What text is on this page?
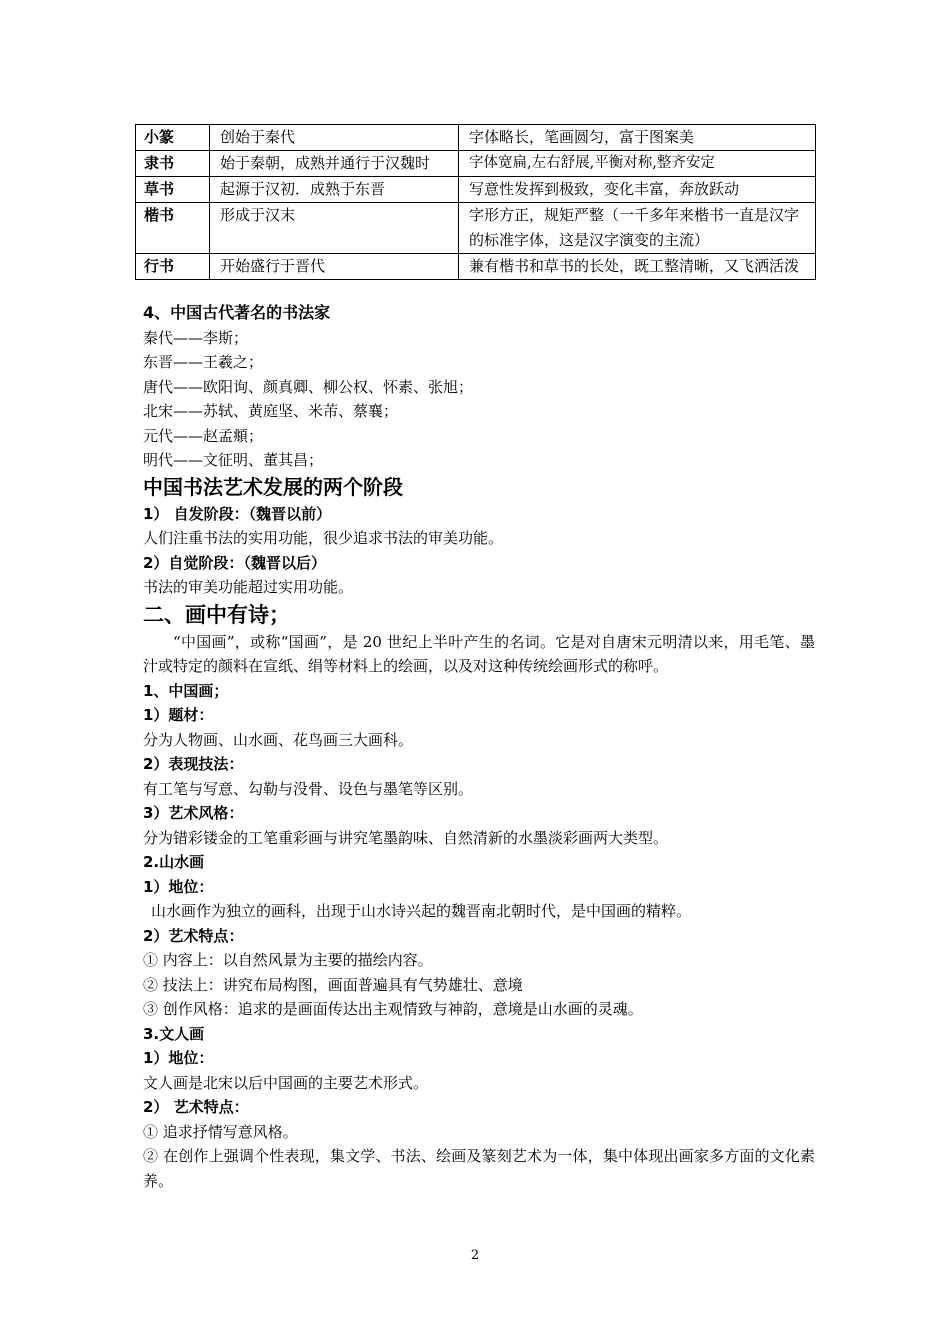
小篆	创始于秦代	字体略长，笔画圆匀，富于图案美
隶书	始于秦朝，成熟并通行于汉魏时	字体宽扁,左右舒展,平衡对称,整齐安定
草书	起源于汉初．成熟于东晋	写意性发挥到极致，变化丰富，奔放跃动
楷书	形成于汉末	字形方正，规矩严整（一千多年来楷书一直是汉字的标准字体，这是汉字演变的主流）
行书	开始盛行于晋代	兼有楷书和草书的长处，既工整清晰，又飞洒活泼
4、中国古代著名的书法家
秦代——李斯；
东晋——王羲之；
唐代——欧阳询、颜真卿、柳公权、怀素、张旭；
北宋——苏轼、黄庭坚、米芾、蔡襄；
元代——赵孟頫；
明代——文征明、董其昌；
中国书法艺术发展的两个阶段
1） 自发阶段：（魏晋以前）
人们注重书法的实用功能，很少追求书法的审美功能。
2）自觉阶段：（魏晋以后）
书法的审美功能超过实用功能。
二、画中有诗；
“中国画”，或称“国画”，是 20 世纪上半叶产生的名词。它是对自唐宋元明清以来，用毛笔、墨汁或特定的颜料在宣纸、绢等材料上的绘画，以及对这种传统绘画形式的称呼。
1、中国画；
1）题材：
分为人物画、山水画、花鸟画三大画科。
2）表现技法：
有工笔与写意、勾勒与没骨、设色与墨笔等区别。
3）艺术风格：
分为错彩镂金的工笔重彩画与讲究笔墨韵味、自然清新的水墨淡彩画两大类型。
2.山水画
1）地位：
山水画作为独立的画科，出现于山水诗兴起的魏晋南北朝时代，是中国画的精粹。
2）艺术特点：
① 内容上：以自然风景为主要的描绘内容。
② 技法上：讲究布局构图，画面普遍具有气势雄壮、意境
③ 创作风格：追求的是画面传达出主观情致与神韵，意境是山水画的灵魂。
3.文人画
1）地位：
文人画是北宋以后中国画的主要艺术形式。
2） 艺术特点：
① 追求抒情写意风格。
② 在创作上强调个性表现，集文学、书法、绘画及篆刻艺术为一体，集中体现出画家多方面的文化素养。
2
